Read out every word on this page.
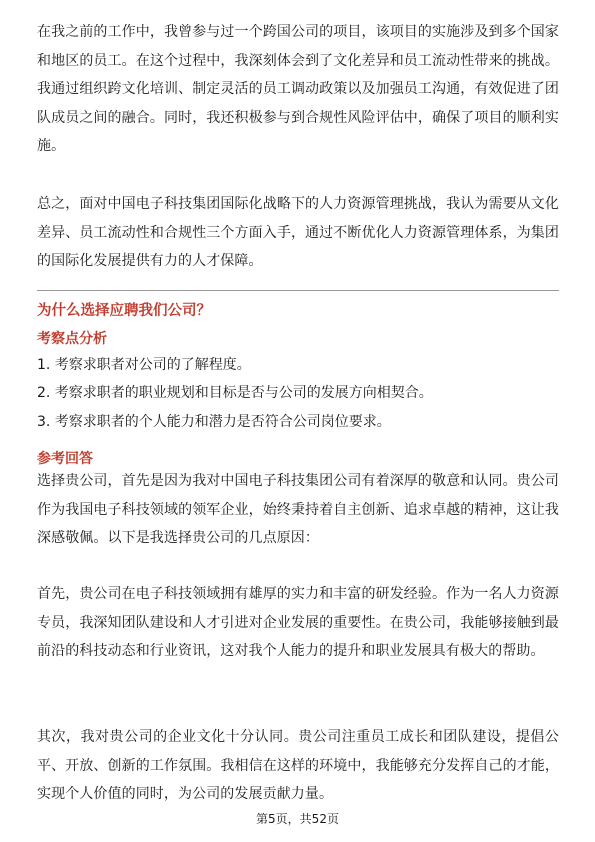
在我之前的工作中，我曾参与过一个跨国公司的项目，该项目的实施涉及到多个国家和地区的员工。在这个过程中，我深刻体会到了文化差异和员工流动性带来的挑战。我通过组织跨文化培训、制定灵活的员工调动政策以及加强员工沟通，有效促进了团队成员之间的融合。同时，我还积极参与到合规性风险评估中，确保了项目的顺利实施。

总之，面对中国电子科技集团国际化战略下的人力资源管理挑战，我认为需要从文化差异、员工流动性和合规性三个方面入手，通过不断优化人力资源管理体系，为集团的国际化发展提供有力的人才保障。

为什么选择应聘我们公司？
考察点分析

1. 考察求职者对公司的了解程度。

2. 考察求职者的职业规划和目标是否与公司的发展方向相契合。

3. 考察求职者的个人能力和潜力是否符合公司岗位要求。

参考回答

选择贵公司，首先是因为我对中国电子科技集团公司有着深厚的敬意和认同。贵公司作为我国电子科技领域的领军企业，始终秉持着自主创新、追求卓越的精神，这让我深感敬佩。以下是我选择贵公司的几点原因：

首先，贵公司在电子科技领域拥有雄厚的实力和丰富的研发经验。作为一名人力资源专员，我深知团队建设和人才引进对企业发展的重要性。在贵公司，我能够接触到最前沿的科技动态和行业资讯，这对我个人能力的提升和职业发展具有极大的帮助。

其次，我对贵公司的企业文化十分认同。贵公司注重员工成长和团队建设，提倡公平、开放、创新的工作氛围。我相信在这样的环境中，我能够充分发挥自己的才能，实现个人价值的同时，为公司的发展贡献力量。

第5页，共52页
